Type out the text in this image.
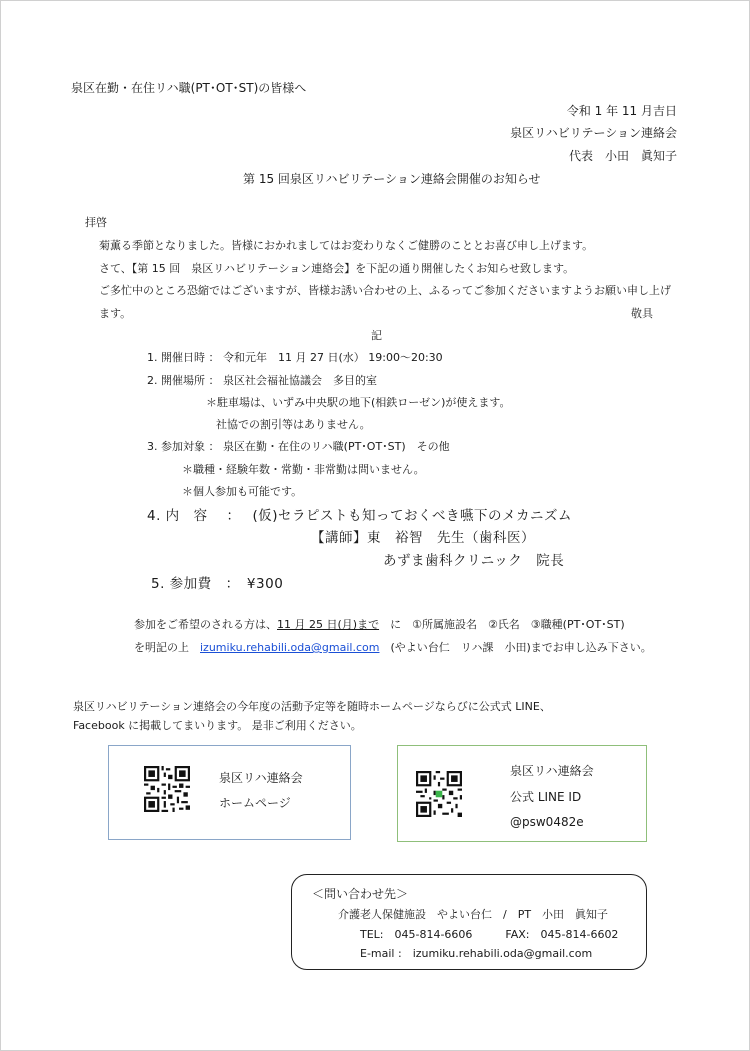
泉区在勤・在住リハ職(PT･OT･ST)の皆様へ
令和 1 年 11 月吉日
泉区リハビリテーション連絡会
代表　小田　眞知子
第 15 回泉区リハビリテーション連絡会開催のお知らせ
拝啓
菊薫る季節となりました。皆様におかれましてはお変わりなくご健勝のこととお喜び申し上げます。
さて、【第 15 回　泉区リハビリテーション連絡会】を下記の通り開催したくお知らせ致します。
ご多忙中のところ恐縮ではございますが、皆様お誘い合わせの上、ふるってご参加くださいますようお願い申し上げ
ます。	敬具
記
1. 開催日時 ： 令和元年　11 月 27 日(水） 19:00～20:30
2. 開催場所 ： 泉区社会福祉協議会　多目的室
＊駐車場は、いずみ中央駅の地下(相鉄ローゼン)が使えます。
社協での割引等はありません。
3. 参加対象 ： 泉区在勤・在住のリハ職(PT･OT･ST)　その他
＊職種・経験年数・常勤・非常勤は問いません。
＊個人参加も可能です。
4. 内　容　 ：　 (仮)セラピストも知っておくべき嚥下のメカニズム
【講師】東　裕智　先生（歯科医）
あずま歯科クリニック　院長
5. 参加費　：　¥300
参加をご希望のされる方は、11 月 25 日(月)まで　に　①所属施設名　②氏名　③職種(PT･OT･ST)
を明記の上　izumiku.rehabili.oda@gmail.com　(やよい台仁　リハ課　小田)までお申し込み下さい。
泉区リハビリテーション連絡会の今年度の活動予定等を随時ホームページならびに公式式 LINE、
Facebook に掲載してまいります。 是非ご利用ください。
泉区リハ連絡会
ホームページ
泉区リハ連絡会
公式 LINE ID
@psw0482e
＜問い合わせ先＞
介護老人保健施設　やよい台仁　/　PT　小田　眞知子
TEL:　045-814-6606　　　FAX:　045-814-6602
E-mail :　izumiku.rehabili.oda@gmail.com
